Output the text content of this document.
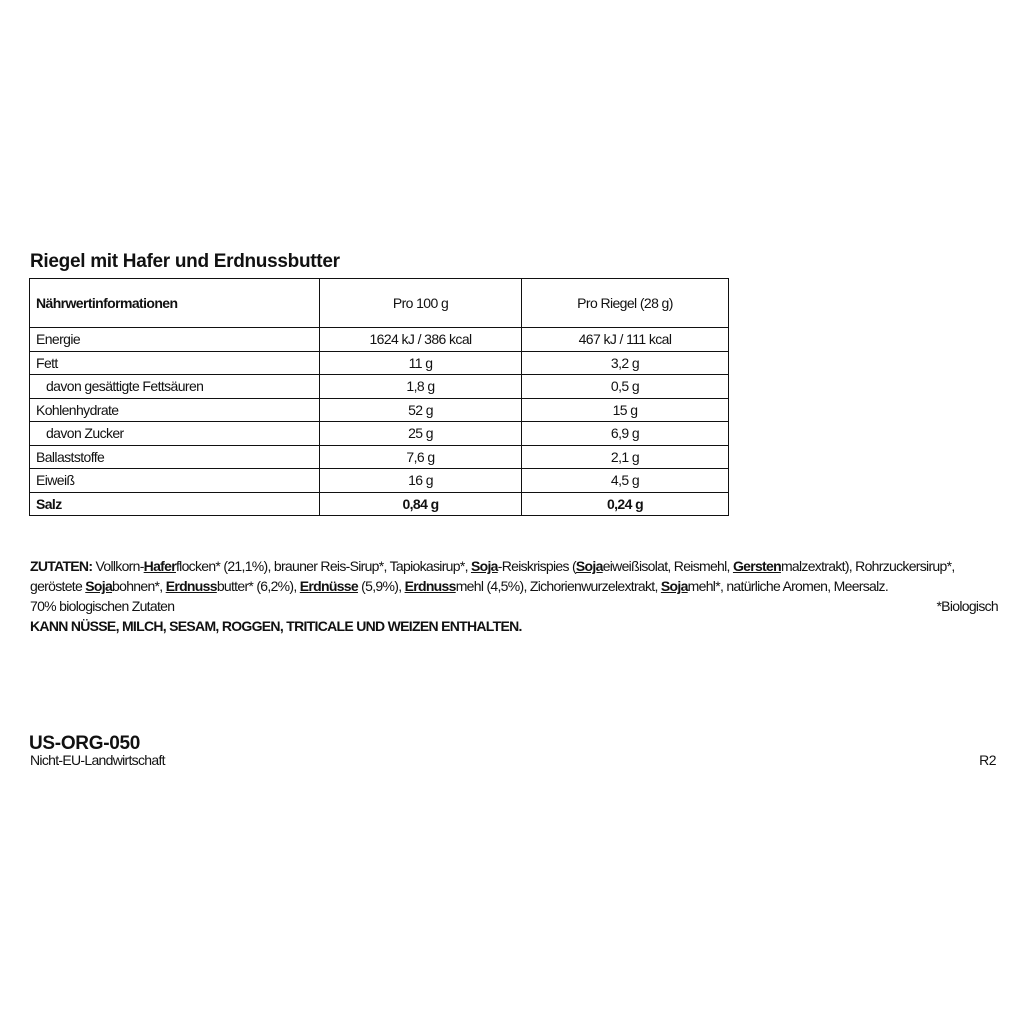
Riegel mit Hafer und Erdnussbutter
Nährwertinformationen	Pro 100 g	Pro Riegel (28 g)
Energie	1624 kJ / 386 kcal	467 kJ / 111 kcal
Fett	11 g	3,2 g
davon gesättigte Fettsäuren	1,8 g	0,5 g
Kohlenhydrate	52 g	15 g
davon Zucker	25 g	6,9 g
Ballaststoffe	7,6 g	2,1 g
Eiweiß	16 g	4,5 g
Salz	0,84 g	0,24 g
ZUTATEN: Vollkorn-Haferflocken* (21,1%), brauner Reis-Sirup*, Tapiokasirup*, Soja-Reiskrispies (Sojaeiweißisolat, Reismehl, Gerstenmalzextrakt), Rohrzuckersirup*, geröstete Sojabohnen*, Erdnussbutter* (6,2%), Erdnüsse (5,9%), Erdnussmehl (4,5%), Zichorienwurzelextrakt, Sojamehl*, natürliche Aromen, Meersalz.
70% biologischen Zutaten	*Biologisch
KANN NÜSSE, MILCH, SESAM, ROGGEN, TRITICALE UND WEIZEN ENTHALTEN.
US-ORG-050
Nicht-EU-Landwirtschaft	R2
